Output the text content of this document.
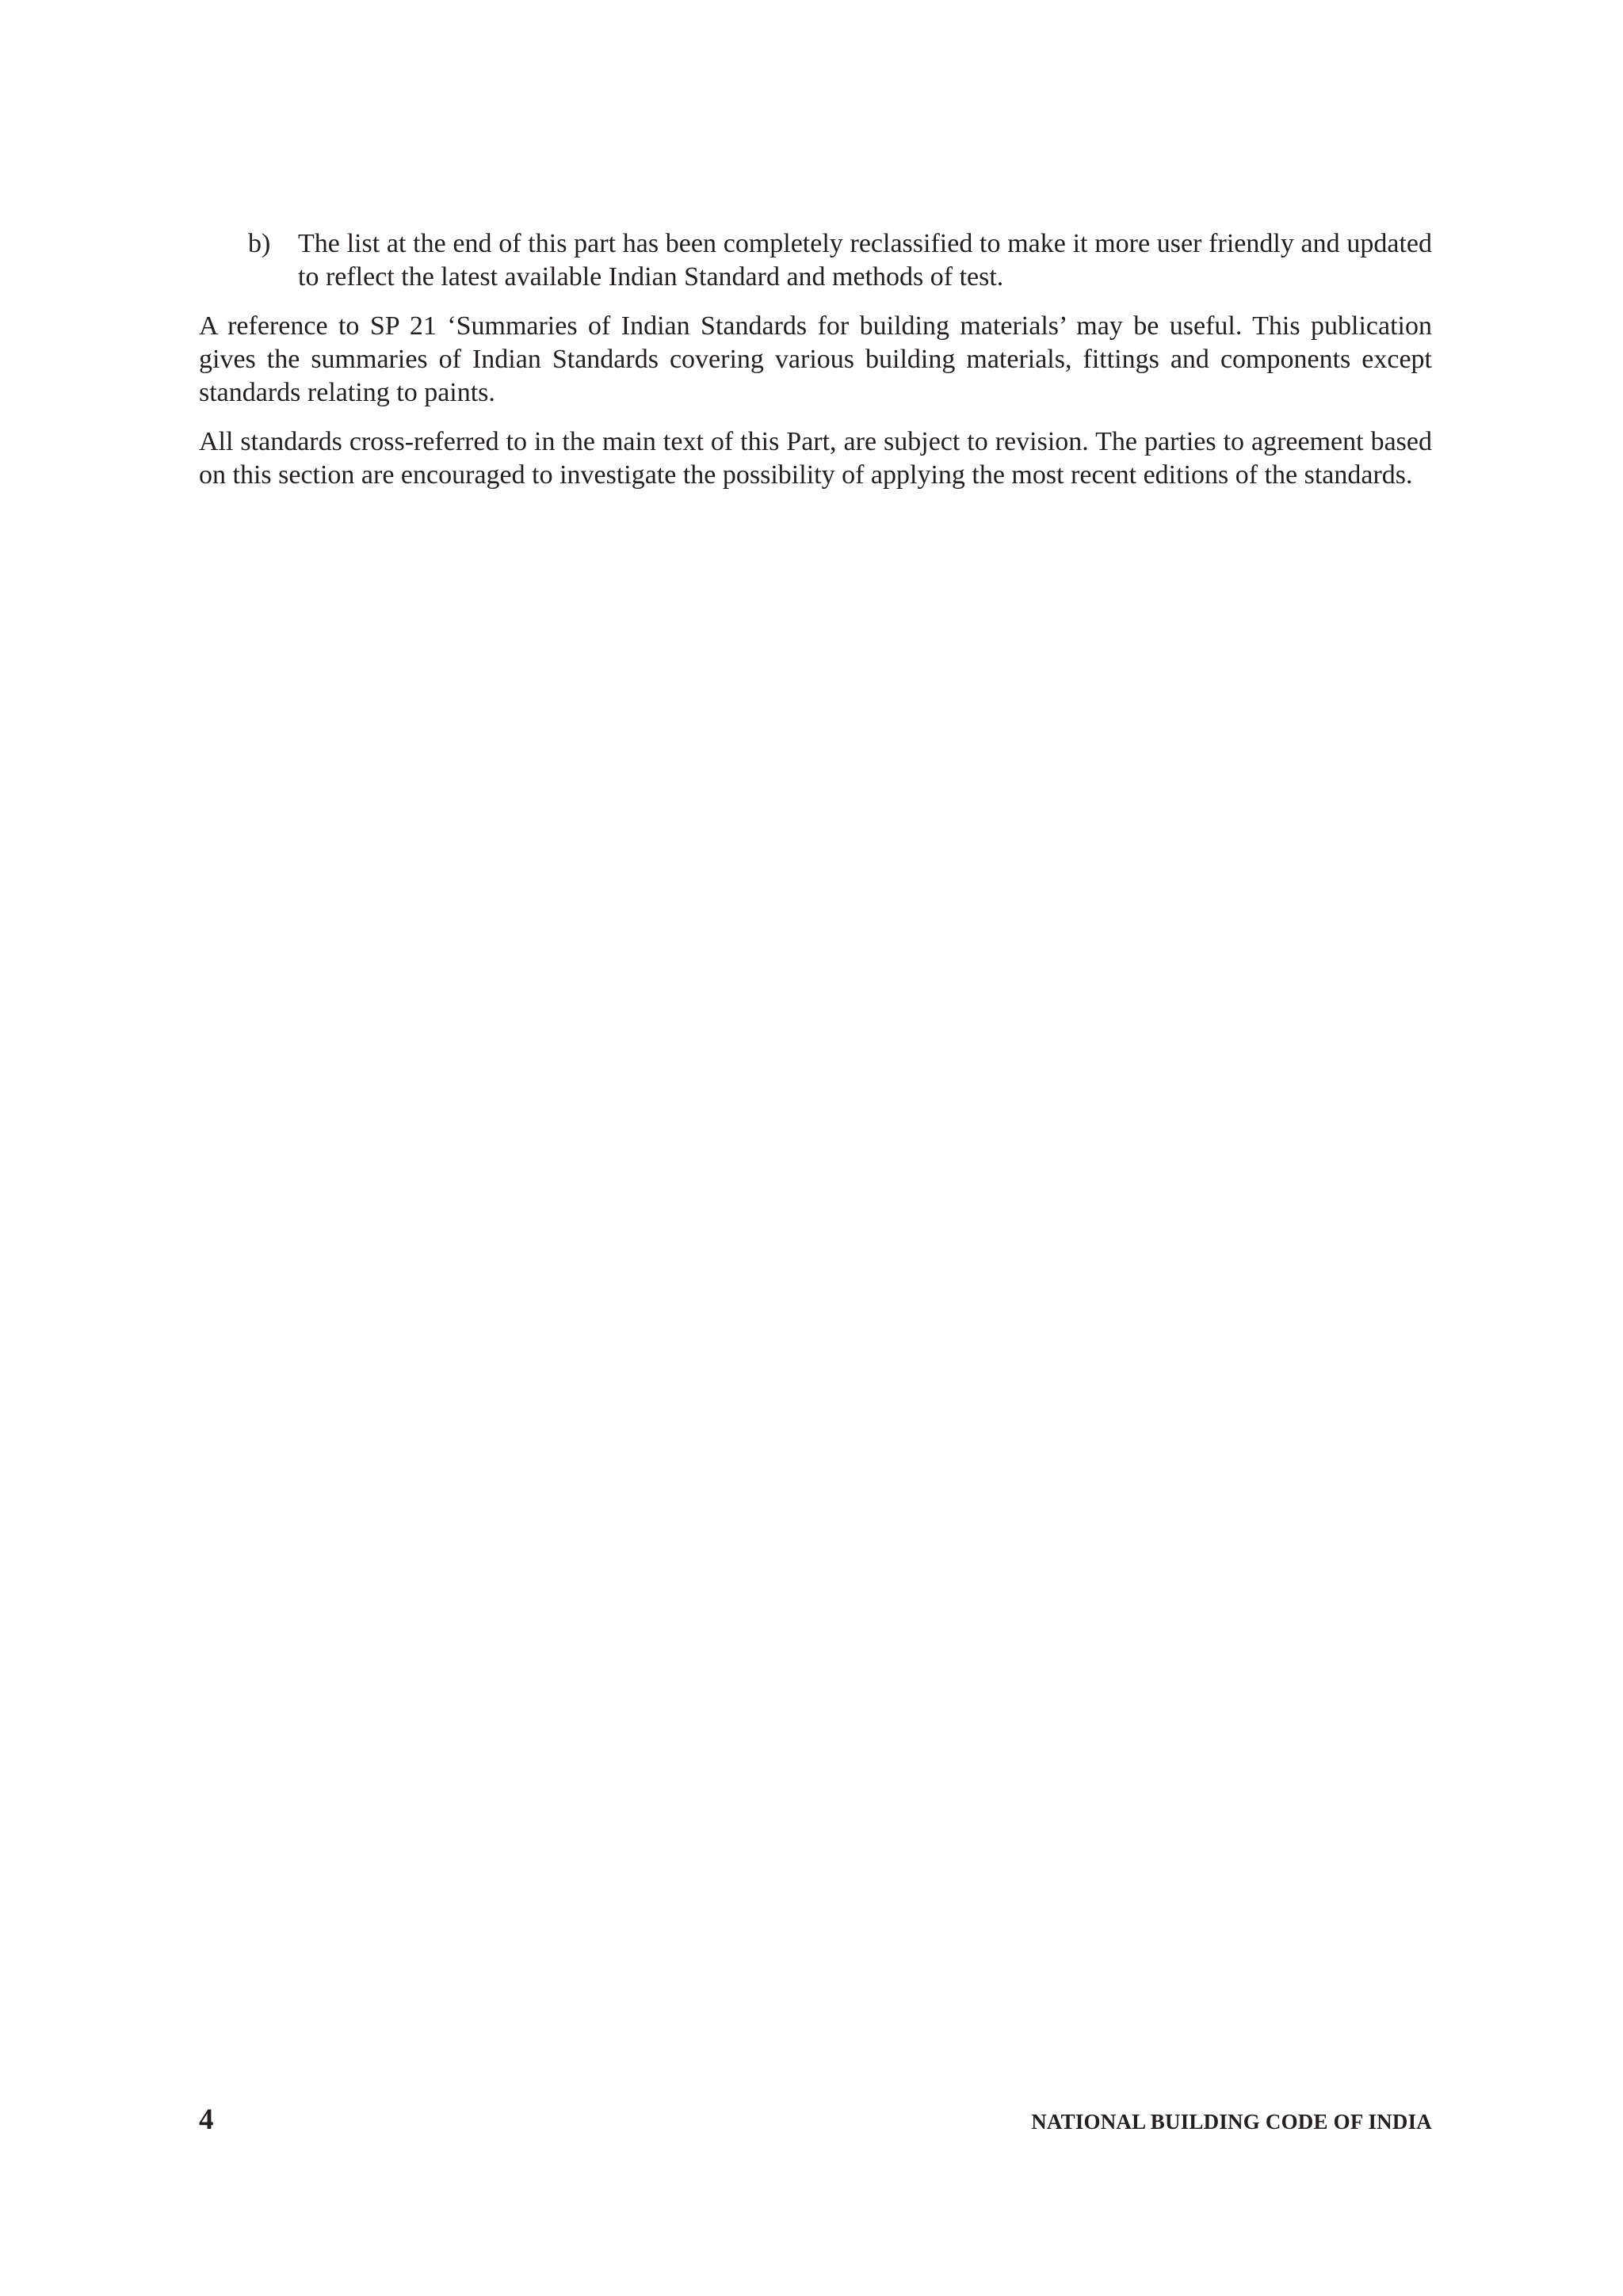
b) The list at the end of this part has been completely reclassified to make it more user friendly and updated to reflect the latest available Indian Standard and methods of test.

A reference to SP 21 ‘Summaries of Indian Standards for building materials’ may be useful. This publication gives the summaries of Indian Standards covering various building materials, fittings and components except standards relating to paints.

All standards cross-referred to in the main text of this Part, are subject to revision. The parties to agreement based on this section are encouraged to investigate the possibility of applying the most recent editions of the standards.

4	NATIONAL BUILDING CODE OF INDIA
